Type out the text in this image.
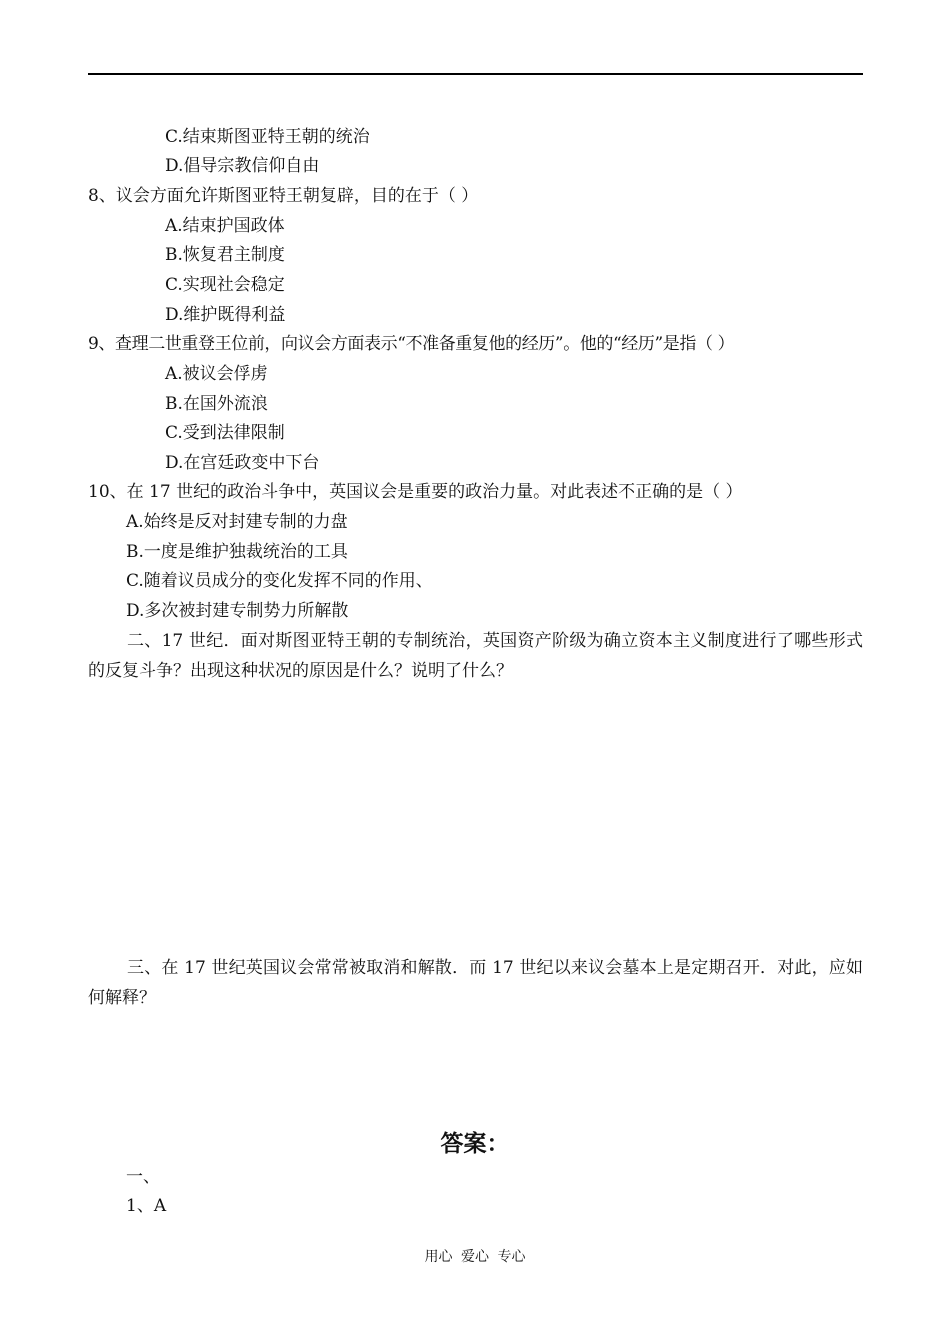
C.结束斯图亚特王朝的统治
D.倡导宗教信仰自由
8、议会方面允许斯图亚特王朝复辟，目的在于（ ）
A.结束护国政体
B.恢复君主制度
C.实现社会稳定
D.维护既得利益
9、查理二世重登王位前，向议会方面表示“不准备重复他的经历”。他的“经历”是指（ ）
A.被议会俘虏
B.在国外流浪
C.受到法律限制
D.在宫廷政变中下台
10、在 17 世纪的政治斗争中，英国议会是重要的政治力量。对此表述不正确的是（ ）
A.始终是反对封建专制的力盘
B.一度是维护独裁统治的工具
C.随着议员成分的变化发挥不同的作用、
D.多次被封建专制势力所解散
二、17 世纪．面对斯图亚特王朝的专制统治，英国资产阶级为确立资本主义制度进行了哪些形式的反复斗争？出现这种状况的原因是什么？说明了什么？
三、在 17 世纪英国议会常常被取消和解散．而 17 世纪以来议会墓本上是定期召开．对此，应如何解释？
答案：
一、
1、A
用心 爱心 专心
